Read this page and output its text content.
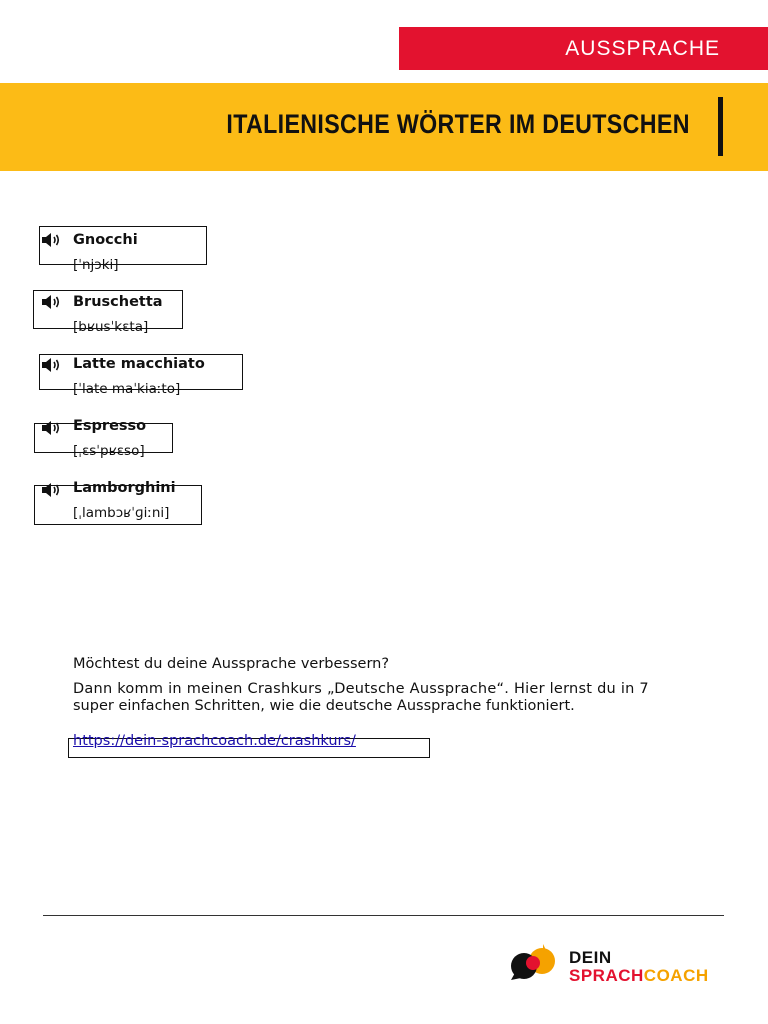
AUSSPRACHE
ITALIENISCHE WÖRTER IM DEUTSCHEN
Gnocchi
[ˈnjɔki]
Bruschetta
[bʁusˈkɛta]
Latte macchiato
[ˈlate maˈkiaːto]
Espresso
[ˌɛsˈpʁɛso]
Lamborghini
[ˌlambɔʁˈɡiːni]
Möchtest du deine Aussprache verbessern?
Dann komm in meinen Crashkurs „Deutsche Aussprache“. Hier lernst du in 7
super einfachen Schritten, wie die deutsche Aussprache funktioniert.
https://dein-sprachcoach.de/crashkurs/
DEIN
SPRACHCOACH
